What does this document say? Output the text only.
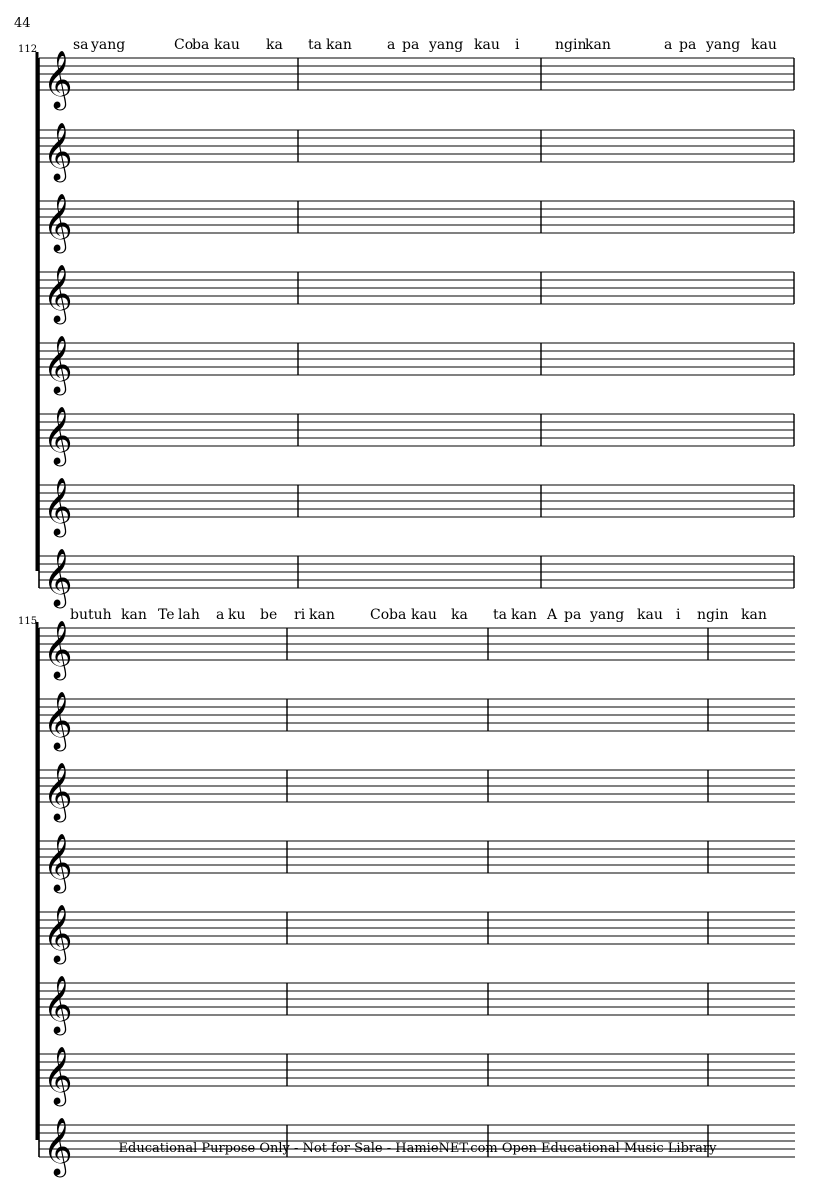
44
112
115
sa yang	Co
ba kau ka ta kan	a pa yang kau i	ngin
kan	a pa yang kau
bu tuh kan Te lah a ku be ri kan	Co ba kau ka ta kan A pa yang kau i ngin kan
𝄞
𝄞
𝄞
𝄞
𝄞
𝄞
𝄞
𝄞
𝄞
𝄞
𝄞
𝄞
𝄞
𝄞
𝄞
𝄞	Educational Purpose Only - Not for Sale - HamieNET.com Open Educational Music Library
